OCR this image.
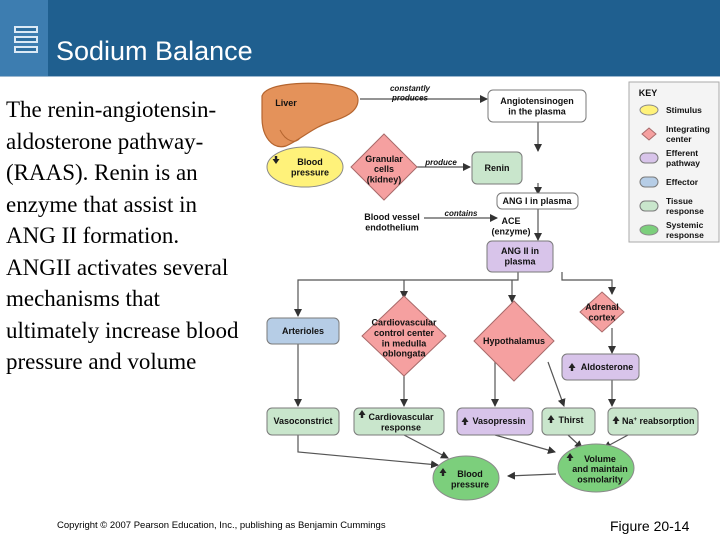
Sodium Balance
The renin-angiotensin-aldosterone pathway- (RAAS). Renin is an enzyme that assist in ANG II formation. ANGII activates several mechanisms that ultimately increase blood pressure and volume
Liver
constantly produces	Angiotensinogen in the plasma
Blood pressure
Granular cells (kidney)
produce
Renin
ANG I in plasma
Blood vessel endothelium
contains
ACE (enzyme)
ANG II in plasma
Arterioles
Cardiovascular control center in medulla oblongata
Hypothalamus
Adrenal cortex
Aldosterone
Vasoconstrict	Cardiovascular response
Vasopressin	Thirst	Na+ reabsorption
Volume and maintain osmolarity
Blood pressure
KEY
Stimulus
Integrating center
Efferent pathway
Effector
Tissue response
Systemic response
Copyright © 2007 Pearson Education, Inc., publishing as Benjamin Cummings	Figure 20-14
